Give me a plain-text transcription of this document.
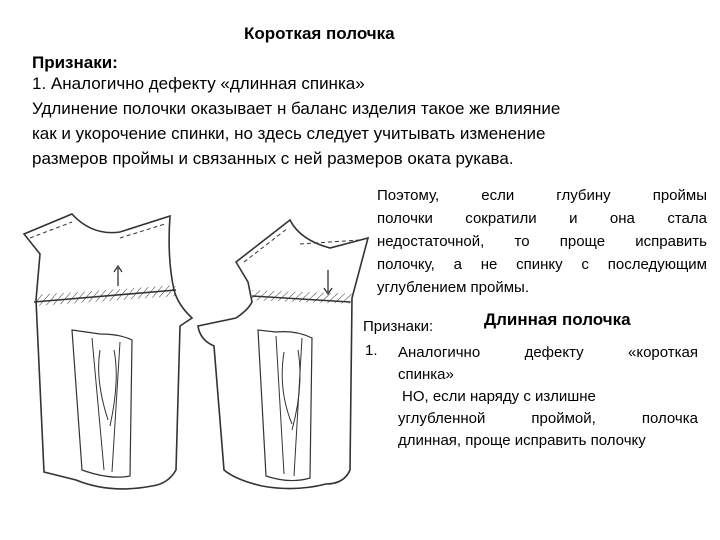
Короткая полочка
Признаки:
1. Аналогично дефекту «длинная спинка»
Удлинение полочки оказывает н баланс изделия такое же влияние
как и укорочение спинки, но здесь следует учитывать изменение
размеров проймы и связанных с ней размеров оката рукава.
Поэтому, если глубину проймы
полочки сократили и она стала
недостаточной, то проще исправить
полочку, а не спинку с последующим
углублением проймы.
Длинная полочка
Признаки:
1. Аналогично дефекту «короткая
спинка»
НО, если наряду с излишне
углубленной проймой, полочка
длинная, проще исправить полочку
